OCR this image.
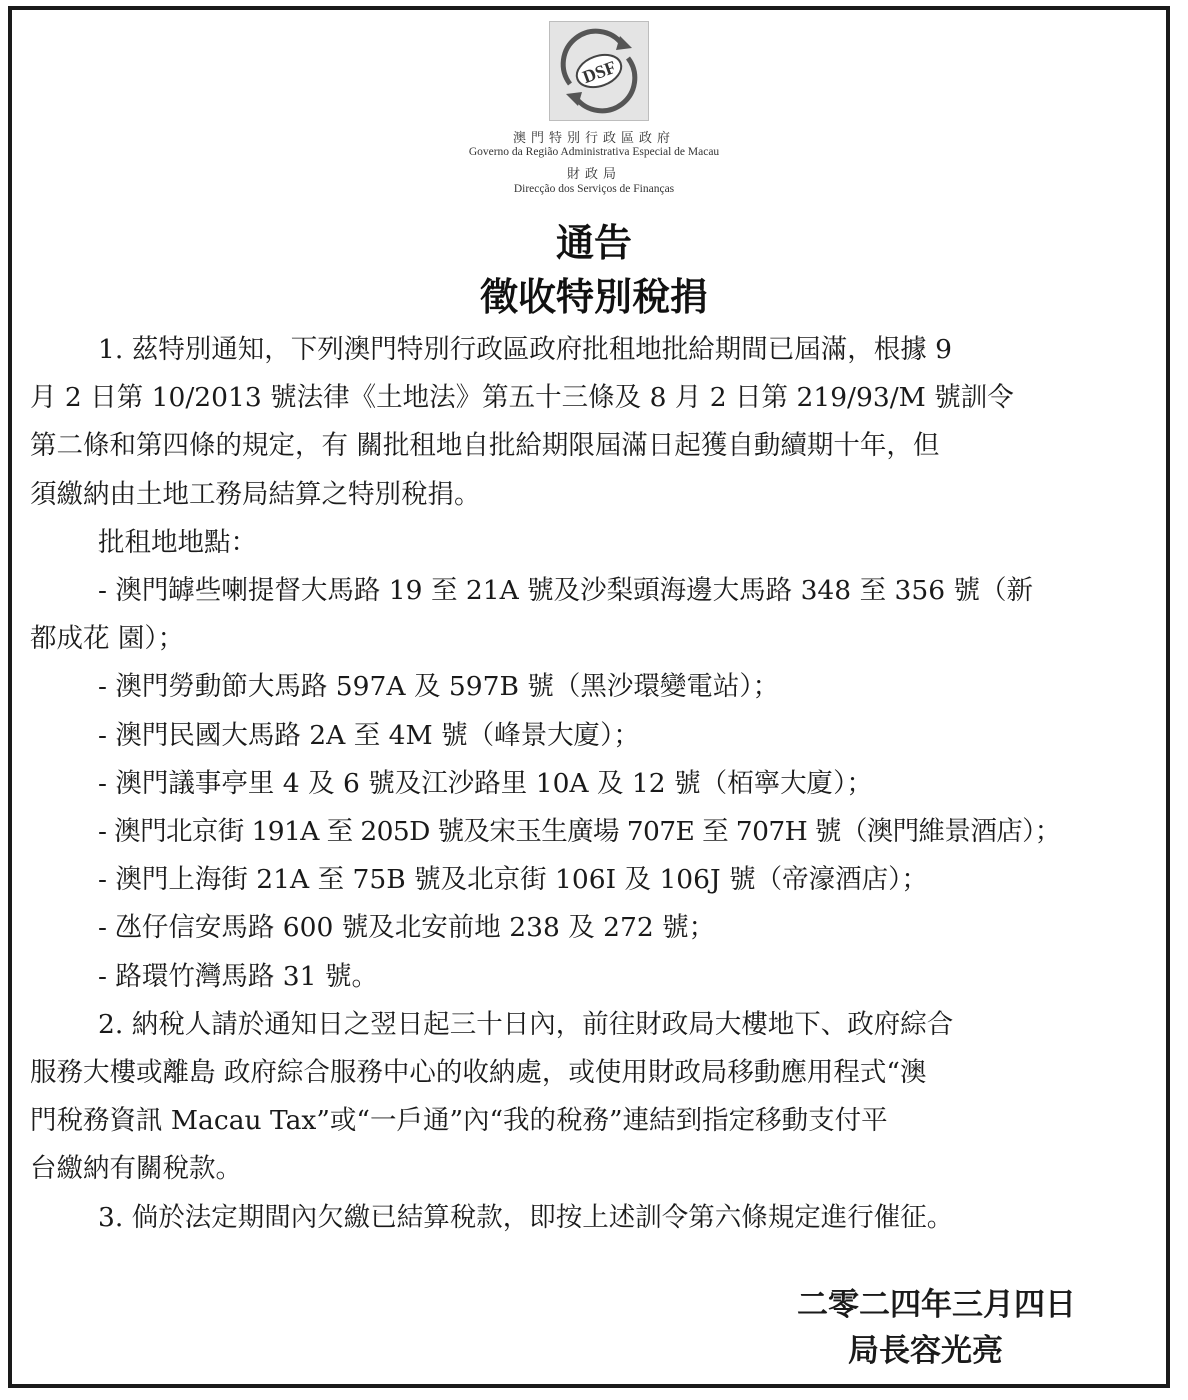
DSF
澳門特別行政區政府
Governo da Região Administrativa Especial de Macau
財政局
Direcção dos Serviços de Finanças
通告
徵收特別稅捐

1. 茲特別通知，下列澳門特別行政區政府批租地批給期間已屆滿，根據 9

月 2 日第 10/2013 號法律《土地法》第五十三條及 8 月 2 日第 219/93/M 號訓令

第二條和第四條的規定，有 關批租地自批給期限屆滿日起獲自動續期十年，但

須繳納由土地工務局結算之特別稅捐。

批租地地點：

- 澳門罅些喇提督大馬路 19 至 21A 號及沙梨頭海邊大馬路 348 至 356 號（新

都成花 園）；

- 澳門勞動節大馬路 597A 及 597B 號（黑沙環變電站）；

- 澳門民國大馬路 2A 至 4M 號（峰景大廈）；

- 澳門議事亭里 4 及 6 號及江沙路里 10A 及 12 號（栢寧大廈）；

- 澳門北京街 191A 至 205D 號及宋玉生廣場 707E 至 707H 號（澳門維景酒店）；

- 澳門上海街 21A 至 75B 號及北京街 106I 及 106J 號（帝濠酒店）；

- 氹仔信安馬路 600 號及北安前地 238 及 272 號；

- 路環竹灣馬路 31 號。

2. 納稅人請於通知日之翌日起三十日內，前往財政局大樓地下、政府綜合

服務大樓或離島 政府綜合服務中心的收納處，或使用財政局移動應用程式“澳

門稅務資訊 Macau Tax”或“一戶通”內“我的稅務”連結到指定移動支付平

台繳納有關稅款。

3. 倘於法定期間內欠繳已結算稅款，即按上述訓令第六條規定進行催征。

二零二四年三月四日
局長容光亮
